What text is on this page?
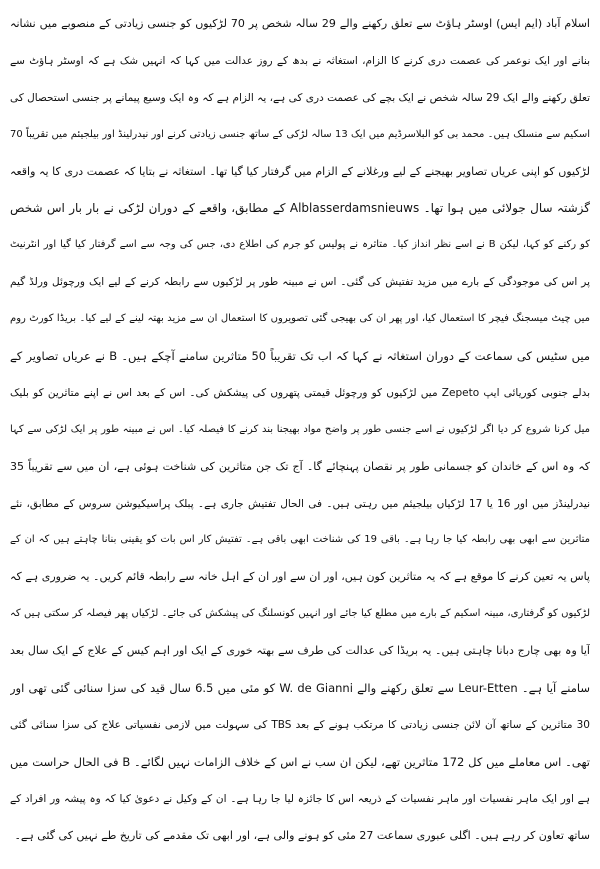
اسلام آباد (ایم ایس) اوسٹر ہاؤٹ سے تعلق رکھنے والے 29 سالہ شخص پر 70 لڑکیوں کو جنسی زیادتی کے منصوبے میں نشانہ
بنانے اور ایک نوعمر کی عصمت دری کرنے کا الزام، استغاثہ نے بدھ کے روز عدالت میں کہا کہ انہیں شک ہے کہ اوسٹر ہاؤٹ سے
تعلق رکھنے والے ایک 29 سالہ شخص نے ایک بچے کی عصمت دری کی ہے، یہ الزام ہے کہ وہ ایک وسیع پیمانے پر جنسی استحصال کی
اسکیم سے منسلک ہیں۔ محمد بی کو البلاسرڈیم میں ایک 13 سالہ لڑکی کے ساتھ جنسی زیادتی کرنے اور نیدرلینڈ اور بیلجیئم میں تقریباً 70
لڑکیوں کو اپنی عریاں تصاویر بھیجنے کے لیے ورغلانے کے الزام میں گرفتار کیا گیا تھا۔ استغاثہ نے بتایا کہ عصمت دری کا یہ واقعہ
گزشتہ سال جولائی میں ہوا تھا۔ Alblasserdamsnieuws کے مطابق، واقعے کے دوران لڑکی نے بار بار اس شخص
کو رکنے کو کہا، لیکن B نے اسے نظر انداز کیا۔ متاثرہ نے پولیس کو جرم کی اطلاع دی، جس کی وجہ سے اسے گرفتار کیا گیا اور انٹرنیٹ
پر اس کی موجودگی کے بارے میں مزید تفتیش کی گئی۔ اس نے مبینہ طور پر لڑکیوں سے رابطہ کرنے کے لیے ایک ورچوئل ورلڈ گیم
میں چیٹ میسجنگ فیچر کا استعمال کیا، اور پھر ان کی بھیجی گئی تصویروں کا استعمال ان سے مزید بھتہ لینے کے لیے کیا۔ بریڈا کورٹ روم
میں سٹیس کی سماعت کے دوران استغاثہ نے کہا کہ اب تک تقریباً 50 متاثرین سامنے آچکے ہیں۔ B نے عریاں تصاویر کے
بدلے جنوبی کوریائی ایپ Zepeto میں لڑکیوں کو ورچوئل قیمتی پتھروں کی پیشکش کی۔ اس کے بعد اس نے اپنے متاثرین کو بلیک
میل کرنا شروع کر دیا اگر لڑکیوں نے اسے جنسی طور پر واضح مواد بھیجنا بند کرنے کا فیصلہ کیا۔ اس نے مبینہ طور پر ایک لڑکی سے کہا
کہ وہ اس کے خاندان کو جسمانی طور پر نقصان پہنچائے گا۔ آج تک جن متاثرین کی شناخت ہوئی ہے، ان میں سے تقریباً 35
نیدرلینڈز میں اور 16 یا 17 لڑکیاں بیلجیئم میں رہتی ہیں۔ فی الحال تفتیش جاری ہے۔ پبلک پراسیکیوشن سروس کے مطابق، نئے
متاثرین سے ابھی بھی رابطہ کیا جا رہا ہے۔ باقی 19 کی شناخت ابھی باقی ہے۔ تفتیش کار اس بات کو یقینی بنانا چاہتے ہیں کہ ان کے
پاس یہ تعین کرنے کا موقع ہے کہ یہ متاثرین کون ہیں، اور ان سے اور ان کے اہل خانہ سے رابطہ قائم کریں۔ یہ ضروری ہے کہ
لڑکیوں کو گرفتاری، مبینہ اسکیم کے بارے میں مطلع کیا جائے اور انہیں کونسلنگ کی پیشکش کی جائے۔ لڑکیاں پھر فیصلہ کر سکتی ہیں کہ
آیا وہ بھی چارج دبانا چاہتی ہیں۔ یہ بریڈا کی عدالت کی طرف سے بھتہ خوری کے ایک اور اہم کیس کے علاج کے ایک سال بعد
سامنے آیا ہے۔ Leur-Etten سے تعلق رکھنے والے W. de Gianni کو مئی میں 6.5 سال قید کی سزا سنائی گئی تھی اور
30 متاثرین کے ساتھ آن لائن جنسی زیادتی کا مرتکب ہونے کے بعد TBS کی سہولت میں لازمی نفسیاتی علاج کی سزا سنائی گئی
تھی۔ اس معاملے میں کل 172 متاثرین تھے، لیکن ان سب نے اس کے خلاف الزامات نہیں لگائے۔ B فی الحال حراست میں
ہے اور ایک ماہر نفسیات اور ماہر نفسیات کے ذریعہ اس کا جائزہ لیا جا رہا ہے۔ ان کے وکیل نے دعویٰ کیا کہ وہ پیشہ ور افراد کے
ساتھ تعاون کر رہے ہیں۔ اگلی عبوری سماعت 27 مئی کو ہونے والی ہے، اور ابھی تک مقدمے کی تاریخ طے نہیں کی گئی ہے۔
